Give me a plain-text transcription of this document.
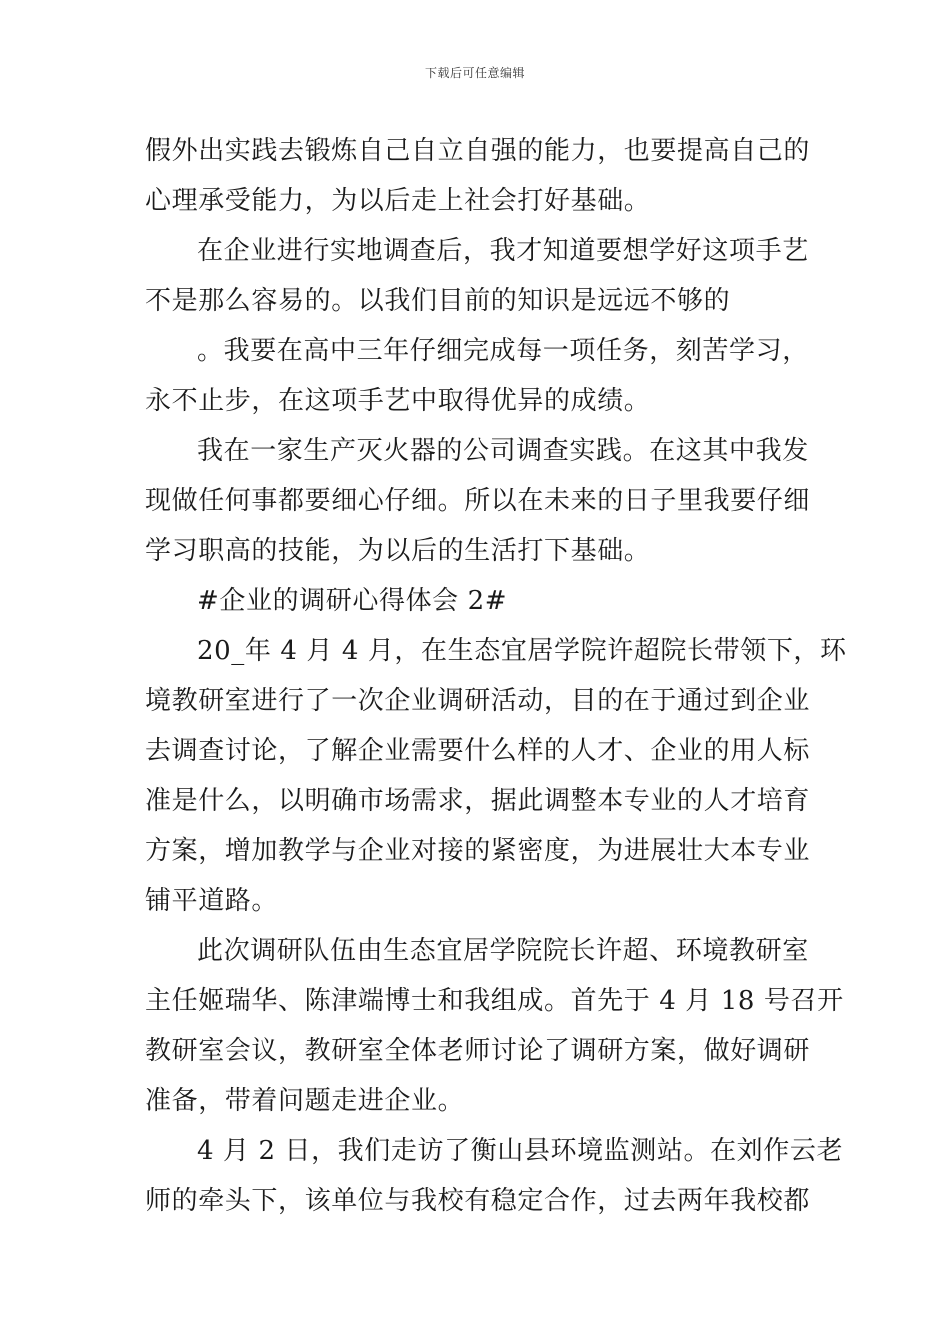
下载后可任意编辑
假外出实践去锻炼自己自立自强的能力，也要提高自己的
心理承受能力，为以后走上社会打好基础。
在企业进行实地调查后，我才知道要想学好这项手艺
不是那么容易的。以我们目前的知识是远远不够的
。我要在高中三年仔细完成每一项任务，刻苦学习，
永不止步，在这项手艺中取得优异的成绩。
我在一家生产灭火器的公司调查实践。在这其中我发
现做任何事都要细心仔细。所以在未来的日子里我要仔细
学习职高的技能，为以后的生活打下基础。
#企业的调研心得体会 2#
20_年 4 月 4 月，在生态宜居学院许超院长带领下，环
境教研室进行了一次企业调研活动，目的在于通过到企业
去调查讨论，了解企业需要什么样的人才、企业的用人标
准是什么，以明确市场需求，据此调整本专业的人才培育
方案，增加教学与企业对接的紧密度，为进展壮大本专业
铺平道路。
此次调研队伍由生态宜居学院院长许超、环境教研室
主任姬瑞华、陈津端博士和我组成。首先于 4 月 18 号召开
教研室会议，教研室全体老师讨论了调研方案，做好调研
准备，带着问题走进企业。
4 月 2 日，我们走访了衡山县环境监测站。在刘作云老
师的牵头下，该单位与我校有稳定合作，过去两年我校都
